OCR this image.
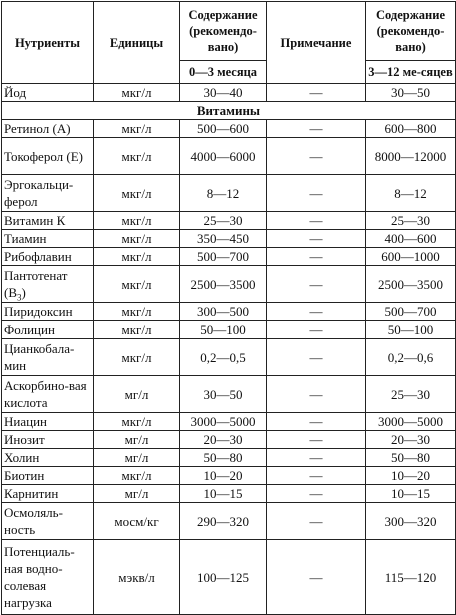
Нутриенты	Единицы	Содержание (рекомендо-вано)	Примечание	Содержание (рекомендо-вано)
		0—3 месяца		3—12 ме-сяцев
Йод	мкг/л	30—40	—	30—50
Витамины				
Ретинол (А)	мкг/л	500—600	—	600—800
Токоферол (Е)	мкг/л	4000—6000	—	8000—12000
Эргокальци-ферол	мкг/л	8—12	—	8—12
Витамин К	мкг/л	25—30	—	25—30
Тиамин	мкг/л	350—450	—	400—600
Рибофлавин	мкг/л	500—700	—	600—1000
Пантотенат $(В_3)$	мкг/л	2500—3500	—	2500—3500
Пиридоксин	мкг/л	300—500	—	500—700
Фолицин	мкг/л	50—100	—	50—100
Цианкобала-мин	мкг/л	0,2—0,5	—	0,2—0,6
Аскорбино-вая кислота	мг/л	30—50	—	25—30
Ниацин	мкг/л	3000—5000	—	3000—5000
Инозит	мг/л	20—30	—	20—30
Холин	мг/л	50—80	—	50—80
Биотин	мкг/л	10—20	—	10—20
Карнитин	мг/л	10—15	—	10—15
Осмоляль-ность	мосм/кг	290—320	—	300—320
Потенциаль-ная водно-солевая нагрузка	мэкв/л	100—125	—	115—120
